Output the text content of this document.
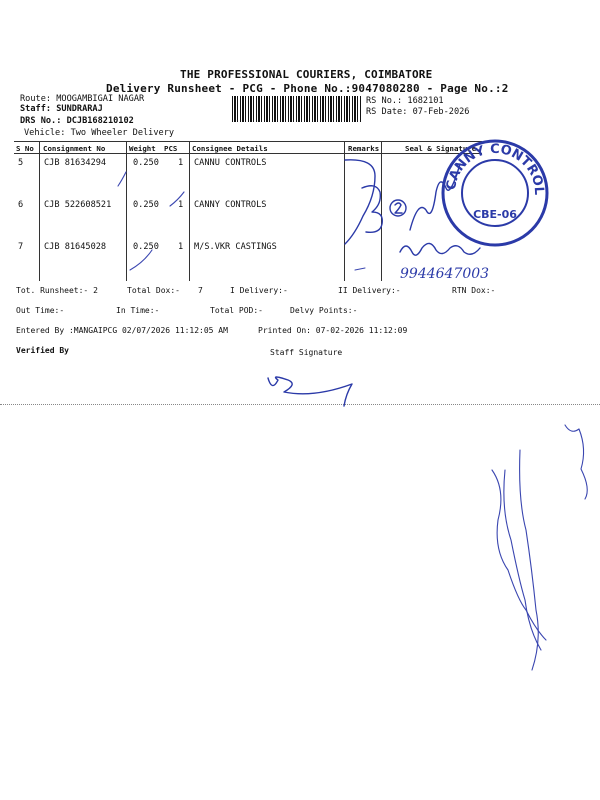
THE PROFESSIONAL COURIERS, COIMBATORE
Delivery Runsheet - PCG - Phone No.:9047080280 - Page No.:2
Route: MOOGAMBIGAI NAGAR
Staff: SUNDRARAJ
DRS No.: DCJB168210102
Vehicle: Two Wheeler Delivery
RS No.: 1682101
RS Date: 07-Feb-2026
S No Consignment No	Weight PCS Consignee Details	Remarks	Seal & Signature
5 CJB 81634294	0.250 1 CANNU CONTROLS
6 CJB 522608521	0.250 1 CANNY CONTROLS
7 CJB 81645028	0.250 1 M/S.VKR CASTINGS
Tot. Runsheet:- 2	Total Dox:- 7	I Delivery:-	II Delivery:-	RTN Dox:-
Out Time:-	In Time:-	Total POD:-	Delvy Points:-
Entered By :MANGAIPCG 02/07/2026 11:12:05 AM	Printed On: 07-02-2026 11:12:09
Verified By	Staff Signature
9944647003
CANNY CONTROLS
CBE-06
